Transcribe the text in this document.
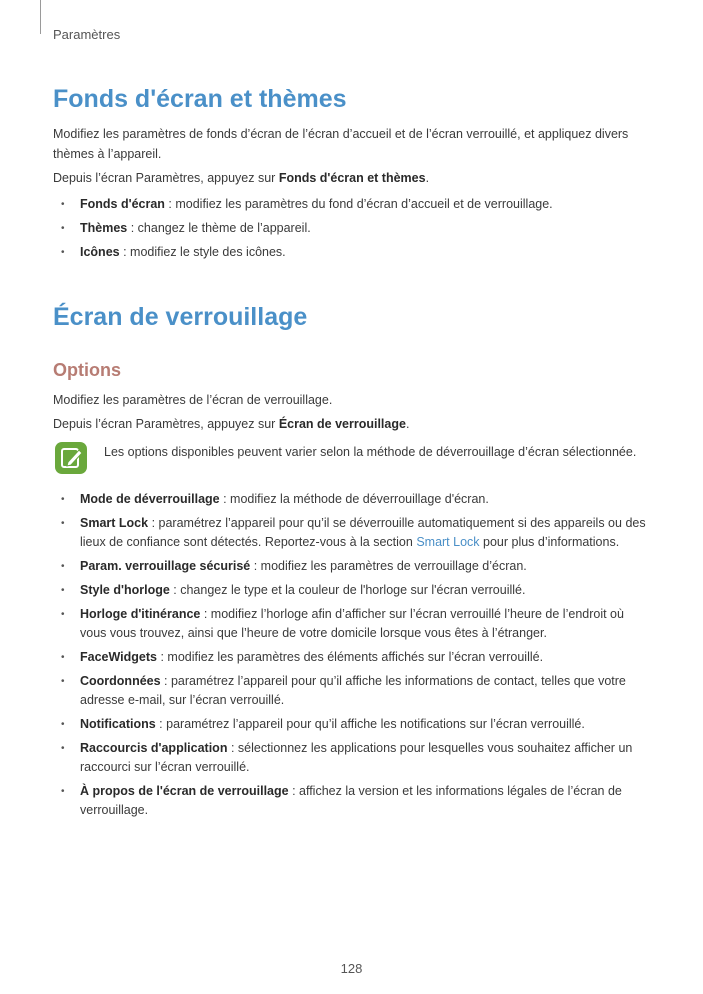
Paramètres
Fonds d'écran et thèmes

Modifiez les paramètres de fonds d’écran de l’écran d’accueil et de l’écran verrouillé, et appliquez divers thèmes à l’appareil.

Depuis l’écran Paramètres, appuyez sur Fonds d'écran et thèmes.

• Fonds d'écran : modifiez les paramètres du fond d’écran d’accueil et de verrouillage.
• Thèmes : changez le thème de l’appareil.
• Icônes : modifiez le style des icônes.
Écran de verrouillage
Options

Modifiez les paramètres de l’écran de verrouillage.

Depuis l’écran Paramètres, appuyez sur Écran de verrouillage.

Les options disponibles peuvent varier selon la méthode de déverrouillage d’écran sélectionnée.

• Mode de déverrouillage : modifiez la méthode de déverrouillage d'écran.
• Smart Lock : paramétrez l’appareil pour qu’il se déverrouille automatiquement si des appareils ou des lieux de confiance sont détectés. Reportez-vous à la section Smart Lock pour plus d’informations.
• Param. verrouillage sécurisé : modifiez les paramètres de verrouillage d’écran.
• Style d'horloge : changez le type et la couleur de l'horloge sur l'écran verrouillé.
• Horloge d'itinérance : modifiez l’horloge afin d’afficher sur l’écran verrouillé l’heure de l’endroit où vous vous trouvez, ainsi que l’heure de votre domicile lorsque vous êtes à l’étranger.
• FaceWidgets : modifiez les paramètres des éléments affichés sur l’écran verrouillé.
• Coordonnées : paramétrez l’appareil pour qu’il affiche les informations de contact, telles que votre adresse e-mail, sur l’écran verrouillé.
• Notifications : paramétrez l’appareil pour qu’il affiche les notifications sur l’écran verrouillé.
• Raccourcis d'application : sélectionnez les applications pour lesquelles vous souhaitez afficher un raccourci sur l’écran verrouillé.
• À propos de l'écran de verrouillage : affichez la version et les informations légales de l’écran de verrouillage.
128
